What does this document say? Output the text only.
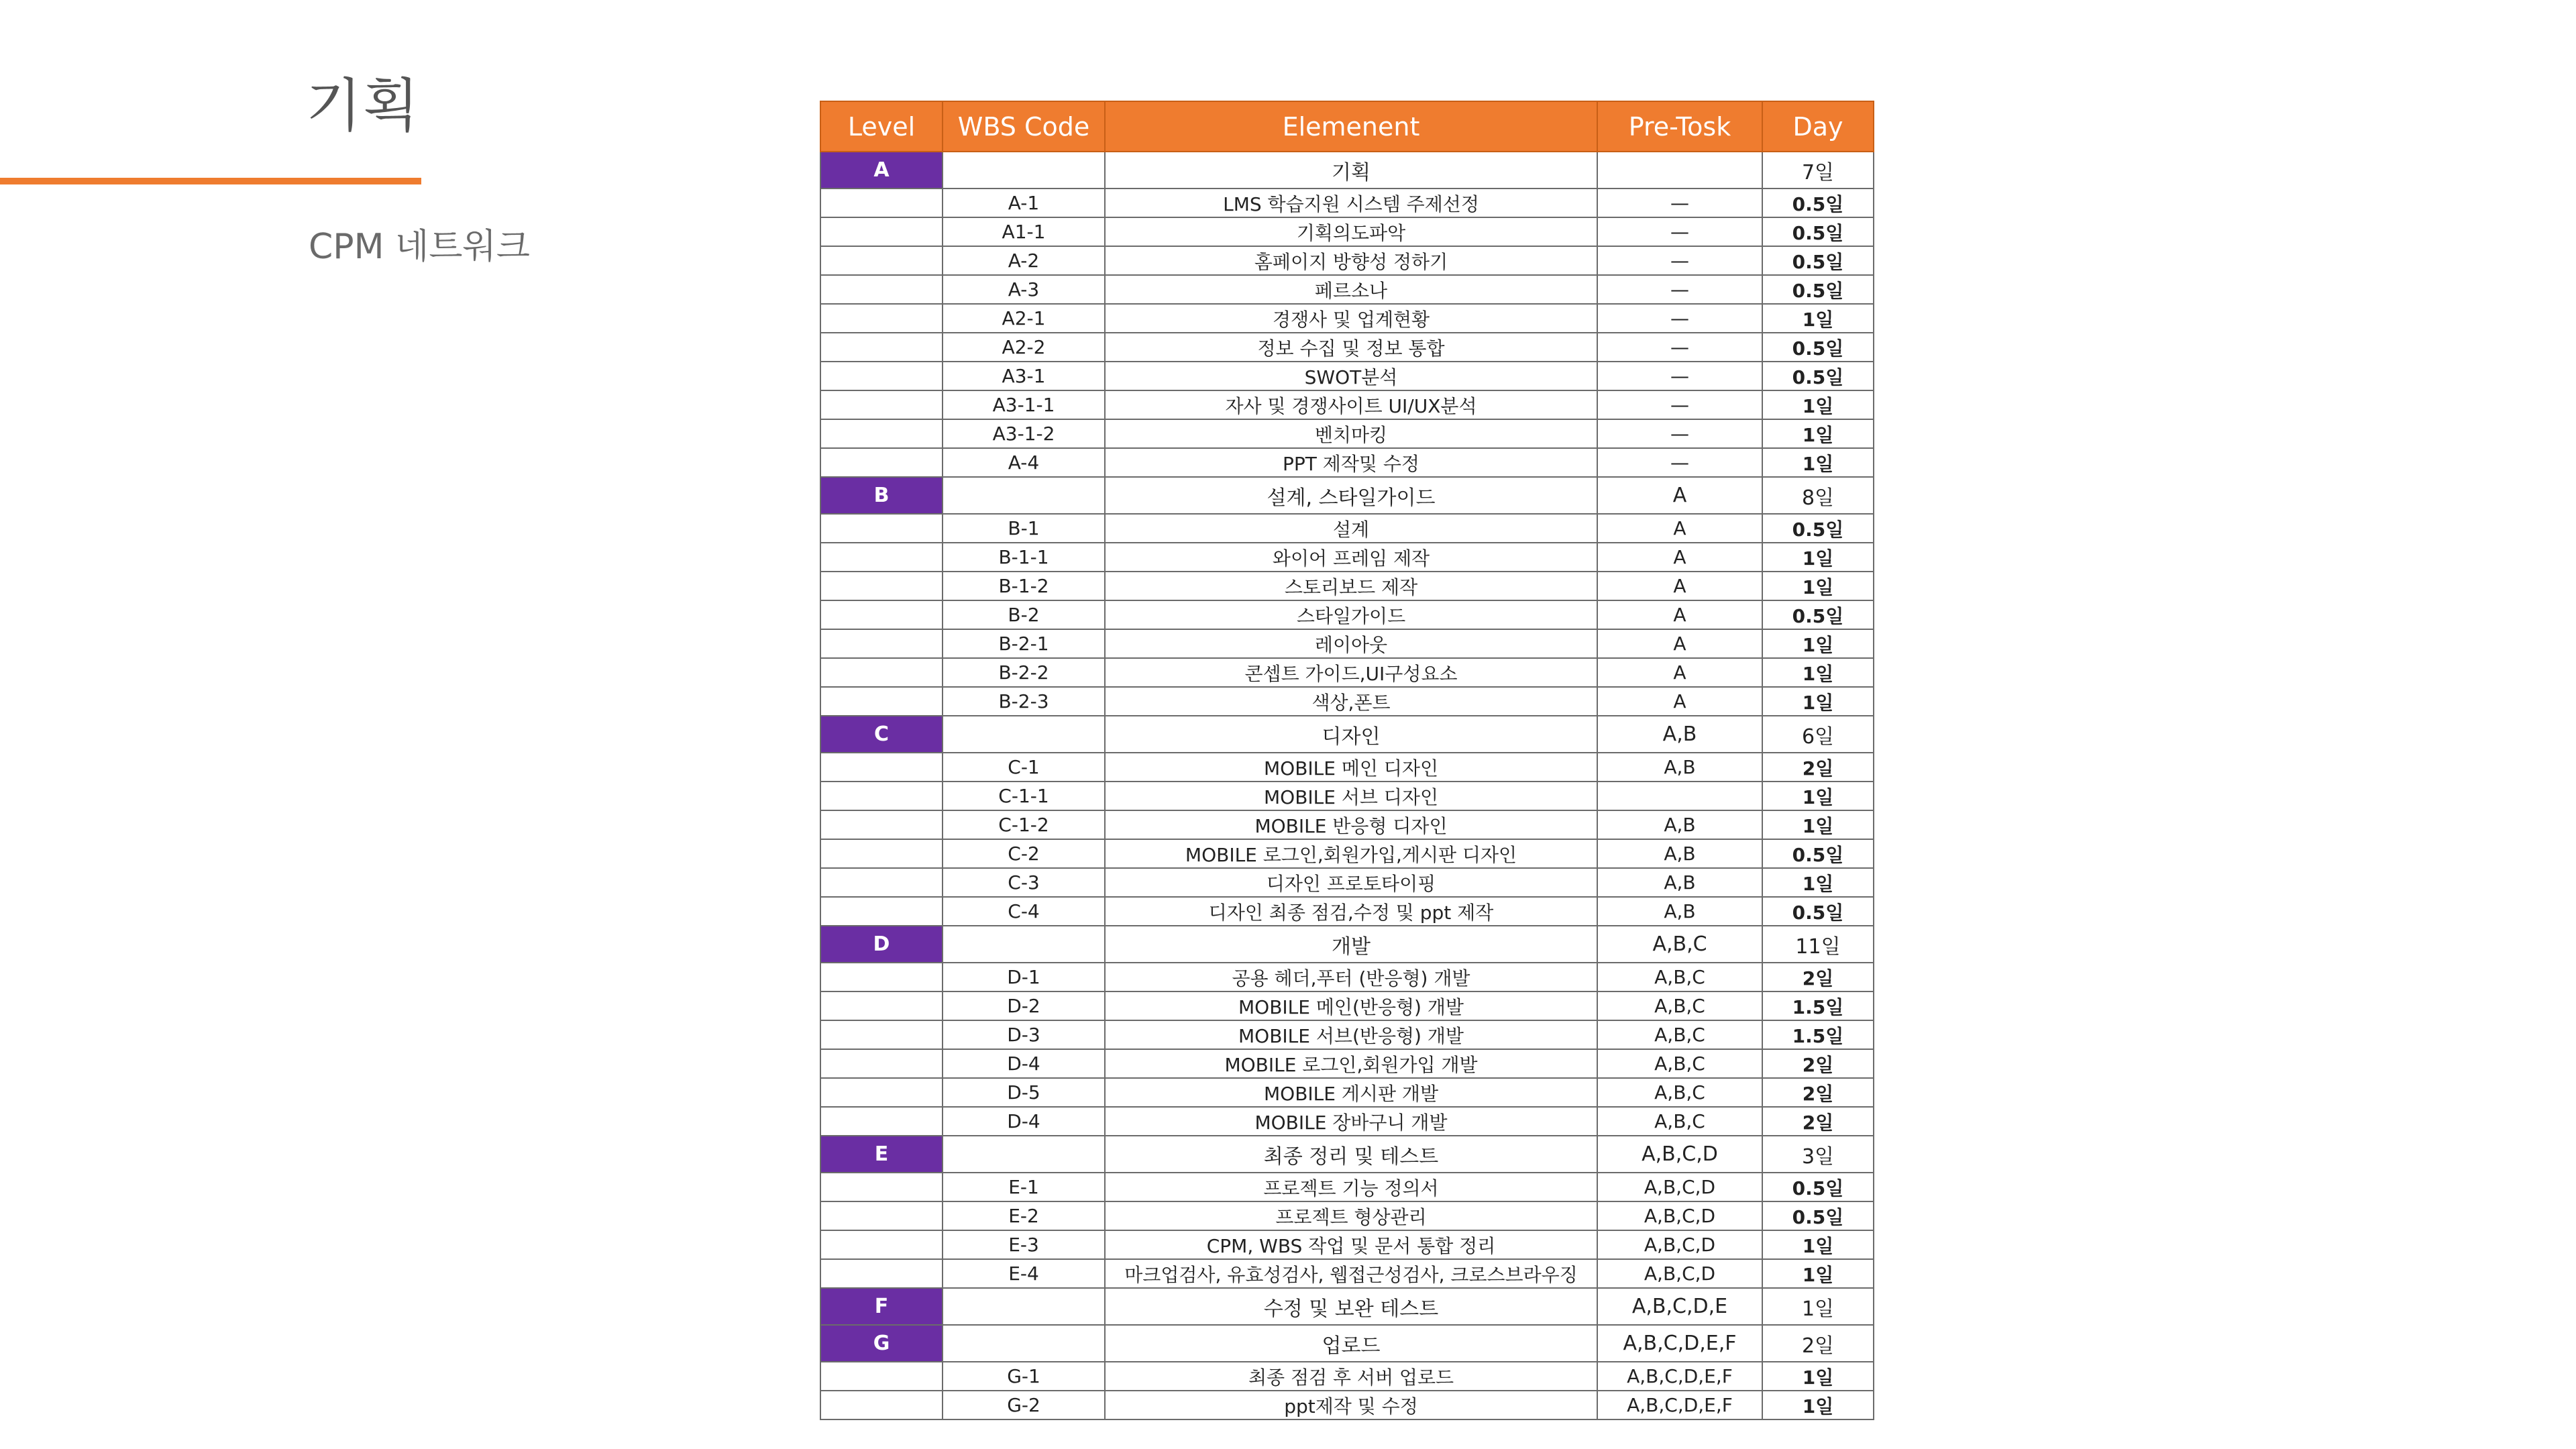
기획
CPM 네트워크
Level	WBS Code	Elemenent	Pre-Tosk	Day
A		기획		7일
	A-1	LMS 학습지원 시스템 주제선정	—	0.5일
	A1-1	기획의도파악	—	0.5일
	A-2	홈페이지 방향성 정하기	—	0.5일
	A-3	페르소나	—	0.5일
	A2-1	경쟁사 및 업계현황	—	1일
	A2-2	정보 수집 및 정보 통합	—	0.5일
	A3-1	SWOT분석	—	0.5일
	A3-1-1	자사 및 경쟁사이트 UI/UX분석	—	1일
	A3-1-2	벤치마킹	—	1일
	A-4	PPT 제작및 수정	—	1일
B		설계, 스타일가이드	A	8일
	B-1	설계	A	0.5일
	B-1-1	와이어 프레임 제작	A	1일
	B-1-2	스토리보드 제작	A	1일
	B-2	스타일가이드	A	0.5일
	B-2-1	레이아웃	A	1일
	B-2-2	콘셉트 가이드,UI구성요소	A	1일
	B-2-3	색상,폰트	A	1일
C		디자인	A,B	6일
	C-1	MOBILE 메인 디자인	A,B	2일
	C-1-1	MOBILE 서브 디자인		1일
	C-1-2	MOBILE 반응형 디자인	A,B	1일
	C-2	MOBILE 로그인,회원가입,게시판 디자인	A,B	0.5일
	C-3	디자인 프로토타이핑	A,B	1일
	C-4	디자인 최종 점검,수정 및 ppt 제작	A,B	0.5일
D		개발	A,B,C	11일
	D-1	공용 헤더,푸터 (반응형) 개발	A,B,C	2일
	D-2	MOBILE 메인(반응형) 개발	A,B,C	1.5일
	D-3	MOBILE 서브(반응형) 개발	A,B,C	1.5일
	D-4	MOBILE 로그인,회원가입 개발	A,B,C	2일
	D-5	MOBILE 게시판 개발	A,B,C	2일
	D-4	MOBILE 장바구니 개발	A,B,C	2일
E		최종 정리 및 테스트	A,B,C,D	3일
	E-1	프로젝트 기능 정의서	A,B,C,D	0.5일
	E-2	프로젝트 형상관리	A,B,C,D	0.5일
	E-3	CPM, WBS 작업 및 문서 통합 정리	A,B,C,D	1일
	E-4	마크업검사, 유효성검사, 웹접근성검사, 크로스브라우징	A,B,C,D	1일
F		수정 및 보완 테스트	A,B,C,D,E	1일
G		업로드	A,B,C,D,E,F	2일
	G-1	최종 점검 후 서버 업로드	A,B,C,D,E,F	1일
	G-2	ppt제작 및 수정	A,B,C,D,E,F	1일
